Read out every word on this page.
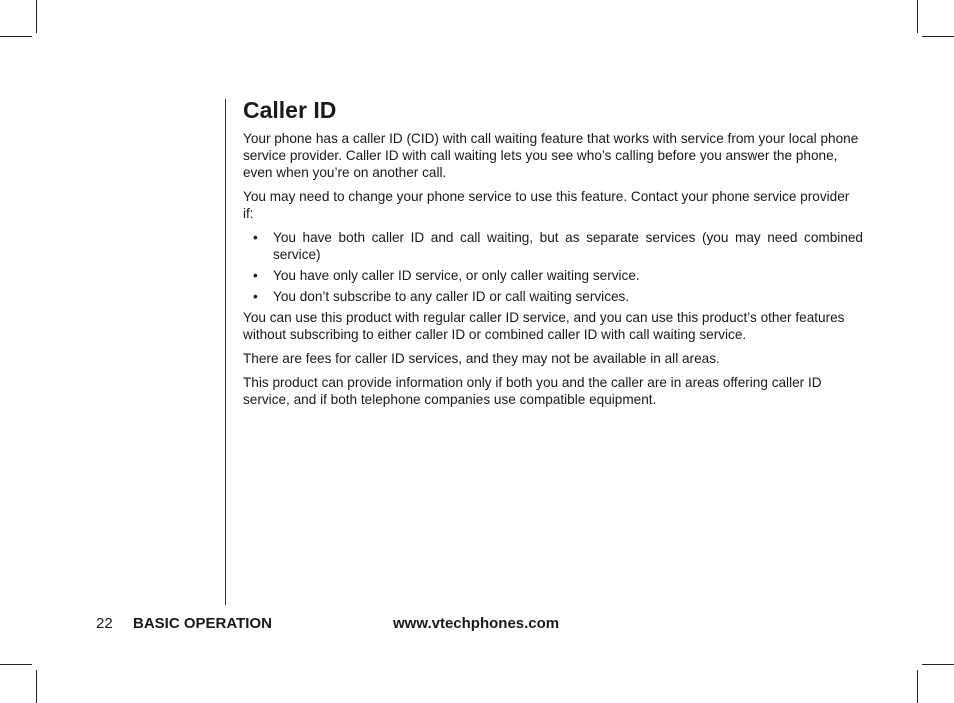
Caller ID

Your phone has a caller ID (CID) with call waiting feature that works with service from your local phone service provider. Caller ID with call waiting lets you see who’s calling before you answer the phone, even when you’re on another call.

You may need to change your phone service to use this feature. Contact your phone service provider if:

• You have both caller ID and call waiting, but as separate services (you may need combined service)
• You have only caller ID service, or only caller waiting service.
• You don’t subscribe to any caller ID or call waiting services.

You can use this product with regular caller ID service, and you can use this product’s other features without subscribing to either caller ID or combined caller ID with call waiting service.

There are fees for caller ID services, and they may not be available in all areas.

This product can provide information only if both you and the caller are in areas offering caller ID service, and if both telephone companies use compatible equipment.

22 BASIC OPERATION	www.vtechphones.com
